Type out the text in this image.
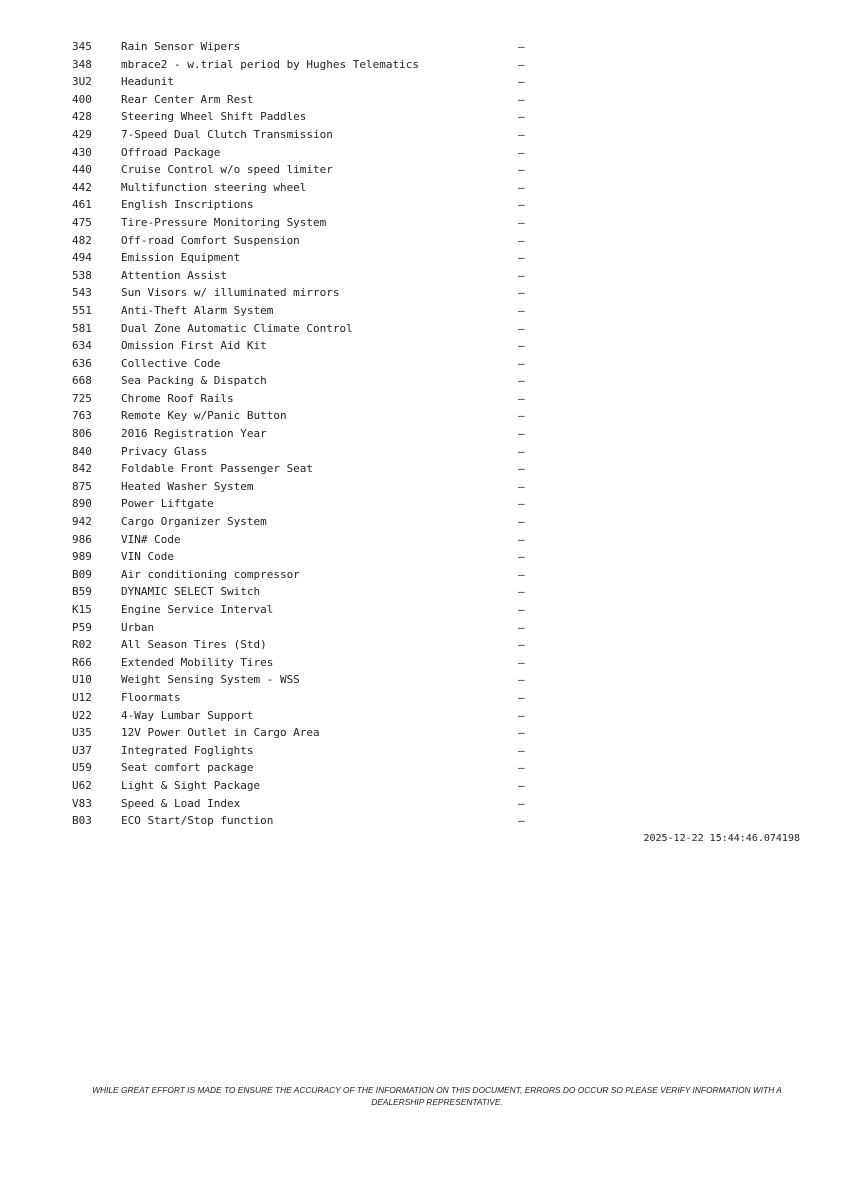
345	Rain Sensor Wipers	—
348	mbrace2 - w.trial period by Hughes Telematics	—
3U2	Headunit	—
400	Rear Center Arm Rest	—
428	Steering Wheel Shift Paddles	—
429	7-Speed Dual Clutch Transmission	—
430	Offroad Package	—
440	Cruise Control w/o speed limiter	—
442	Multifunction steering wheel	—
461	English Inscriptions	—
475	Tire-Pressure Monitoring System	—
482	Off-road Comfort Suspension	—
494	Emission Equipment	—
538	Attention Assist	—
543	Sun Visors w/ illuminated mirrors	—
551	Anti-Theft Alarm System	—
581	Dual Zone Automatic Climate Control	—
634	Omission First Aid Kit	—
636	Collective Code	—
668	Sea Packing & Dispatch	—
725	Chrome Roof Rails	—
763	Remote Key w/Panic Button	—
806	2016 Registration Year	—
840	Privacy Glass	—
842	Foldable Front Passenger Seat	—
875	Heated Washer System	—
890	Power Liftgate	—
942	Cargo Organizer System	—
986	VIN# Code	—
989	VIN Code	—
B09	Air conditioning compressor	—
B59	DYNAMIC SELECT Switch	—
K15	Engine Service Interval	—
P59	Urban	—
R02	All Season Tires (Std)	—
R66	Extended Mobility Tires	—
U10	Weight Sensing System - WSS	—
U12	Floormats	—
U22	4-Way Lumbar Support	—
U35	12V Power Outlet in Cargo Area	—
U37	Integrated Foglights	—
U59	Seat comfort package	—
U62	Light & Sight Package	—
V83	Speed & Load Index	—
B03	ECO Start/Stop function	—
2025-12-22 15:44:46.074198
WHILE GREAT EFFORT IS MADE TO ENSURE THE ACCURACY OF THE INFORMATION ON THIS DOCUMENT, ERRORS DO OCCUR SO PLEASE VERIFY INFORMATION WITH A DEALERSHIP REPRESENTATIVE.
